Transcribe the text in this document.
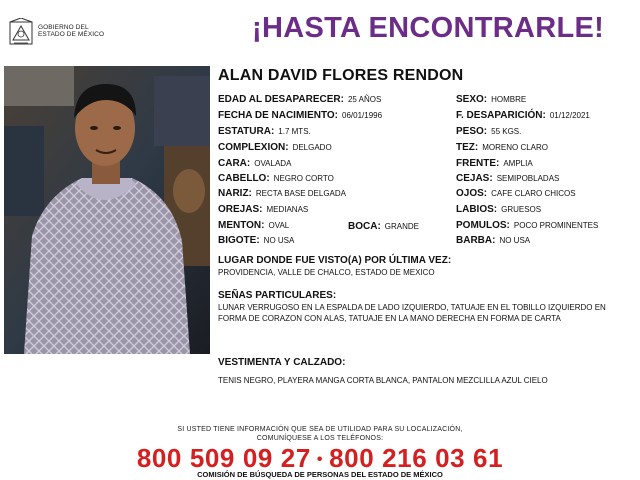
GOBIERNO DEL
ESTADO DE MÉXICO	¡HASTA ENCONTRARLE!
ALAN DAVID FLORES RENDON
EDAD AL DESAPARECER: 25 AÑOS
FECHA DE NACIMIENTO: 06/01/1996
ESTATURA: 1.7 MTS.
COMPLEXION: DELGADO
CARA: OVALADA
CABELLO: NEGRO CORTO
NARIZ: RECTA BASE DELGADA
OREJAS: MEDIANAS
MENTON: OVAL	BOCA: GRANDE
BIGOTE: NO USA
SEXO: HOMBRE
F. DESAPARICIÓN: 01/12/2021
PESO: 55 KGS.
TEZ: MORENO CLARO
FRENTE: AMPLIA
CEJAS: SEMIPOBLADAS
OJOS: CAFE CLARO CHICOS
LABIOS: GRUESOS
POMULOS: POCO PROMINENTES
BARBA: NO USA
LUGAR DONDE FUE VISTO(A) POR ÚLTIMA VEZ:
PROVIDENCIA, VALLE DE CHALCO, ESTADO DE MEXICO
SEÑAS PARTICULARES:
LUNAR VERRUGOSO EN LA ESPALDA DE LADO IZQUIERDO, TATUAJE EN EL TOBILLO IZQUIERDO EN FORMA DE CORAZON CON ALAS, TATUAJE EN LA MANO DERECHA EN FORMA DE CARTA
VESTIMENTA Y CALZADO:
TENIS NEGRO, PLAYERA MANGA CORTA BLANCA, PANTALON MEZCLILLA AZUL CIELO
SI USTED TIENE INFORMACIÓN QUE SEA DE UTILIDAD PARA SU LOCALIZACIÓN,
COMUNÍQUESE A LOS TELÉFONOS:
800 509 09 27 • 800 216 03 61
COMISIÓN DE BÚSQUEDA DE PERSONAS DEL ESTADO DE MÉXICO
